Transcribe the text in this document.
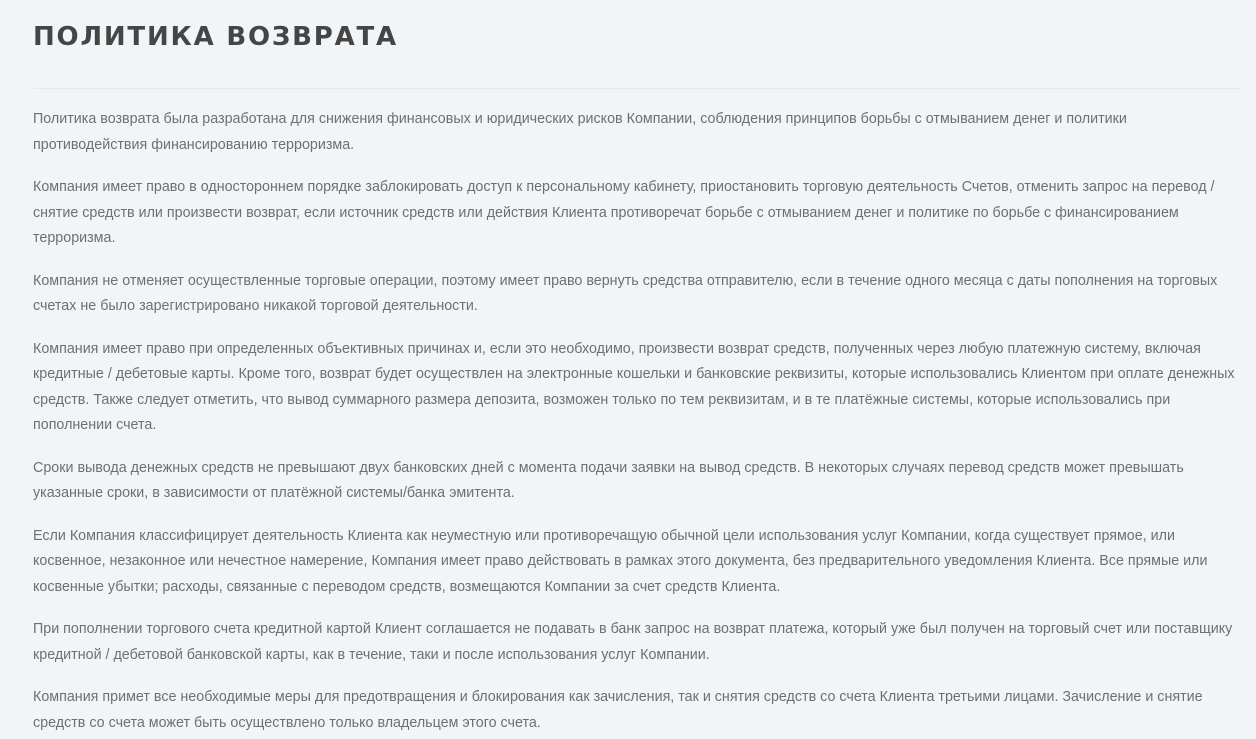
ПОЛИТИКА ВОЗВРАТА

Политика возврата была разработана для снижения финансовых и юридических рисков Компании, соблюдения принципов борьбы с отмыванием денег и политики противодействия финансированию терроризма.

Компания имеет право в одностороннем порядке заблокировать доступ к персональному кабинету, приостановить торговую деятельность Счетов, отменить запрос на перевод / снятие средств или произвести возврат, если источник средств или действия Клиента противоречат борьбе с отмыванием денег и политике по борьбе с финансированием терроризма.

Компания не отменяет осуществленные торговые операции, поэтому имеет право вернуть средства отправителю, если в течение одного месяца с даты пополнения на торговых счетах не было зарегистрировано никакой торговой деятельности.

Компания имеет право при определенных объективных причинах и, если это необходимо, произвести возврат средств, полученных через любую платежную систему, включая кредитные / дебетовые карты. Кроме того, возврат будет осуществлен на электронные кошельки и банковские реквизиты, которые использовались Клиентом при оплате денежных средств. Также следует отметить, что вывод суммарного размера депозита, возможен только по тем реквизитам, и в те платёжные системы, которые использовались при пополнении счета.

Сроки вывода денежных средств не превышают двух банковских дней с момента подачи заявки на вывод средств. В некоторых случаях перевод средств может превышать указанные сроки, в зависимости от платёжной системы/банка эмитента.

Если Компания классифицирует деятельность Клиента как неуместную или противоречащую обычной цели использования услуг Компании, когда существует прямое, или косвенное, незаконное или нечестное намерение, Компания имеет право действовать в рамках этого документа, без предварительного уведомления Клиента. Все прямые или косвенные убытки; расходы, связанные с переводом средств, возмещаются Компании за счет средств Клиента.

При пополнении торгового счета кредитной картой Клиент соглашается не подавать в банк запрос на возврат платежа, который уже был получен на торговый счет или поставщику кредитной / дебетовой банковской карты, как в течение, таки и после использования услуг Компании.

Компания примет все необходимые меры для предотвращения и блокирования как зачисления, так и снятия средств со счета Клиента третьими лицами. Зачисление и снятие средств со счета может быть осуществлено только владельцем этого счета.
